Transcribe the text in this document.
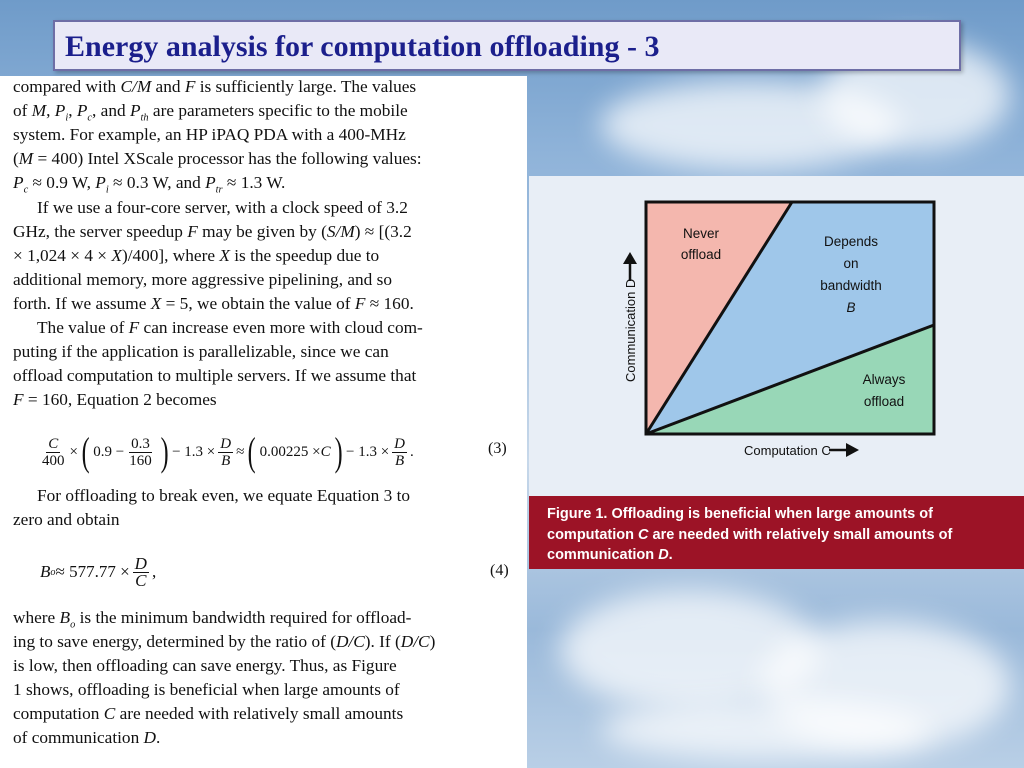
Energy analysis for computation offloading - 3
compared with C/M and F is sufficiently large. The values
of M, $P_i$, $P_c$, and $P_{th}$ are parameters specific to the mobile
system. For example, an HP iPAQ PDA with a 400-MHz
(M = 400) Intel XScale processor has the following values:
$P_c \approx 0.9$ W, $P_i \approx 0.3$ W, and $P_{tr} \approx 1.3$ W.
If we use a four-core server, with a clock speed of 3.2
GHz, the server speedup F may be given by (S/M) ≈ [(3.2
× 1,024 × 4 × X)/400], where X is the speedup due to
additional memory, more aggressive pipelining, and so
forth. If we assume X = 5, we obtain the value of F ≈ 160.
The value of F can increase even more with cloud com-
puting if the application is parallelizable, since we can
offload computation to multiple servers. If we assume that
F = 160, Equation 2 becomes
$\frac{C}{400}$ × ( $0.9 - \frac{0.3}{160}$ ) − $1.3 \times \frac{D}{B}$ ≈ ( 0.00225 × C ) − $1.3 \times \frac{D}{B}$ .	(3)
For offloading to break even, we equate Equation 3 to
zero and obtain
B $o \approx 577.77 \times \frac{D}{C}$ ,	(4)
where $B_o$ is the minimum bandwidth required for offload-
ing to save energy, determined by the ratio of (D/C). If (D/C)
is low, then offloading can save energy. Thus, as Figure
1 shows, offloading is beneficial when large amounts of
computation C are needed with relatively small amounts
of communication D.
Never
offload
Depends
on
bandwidth
B
Always
offload
Communication D
Computation C
Figure 1. Offloading is beneficial when large amounts of
computation C are needed with relatively small amounts of
communication D.
